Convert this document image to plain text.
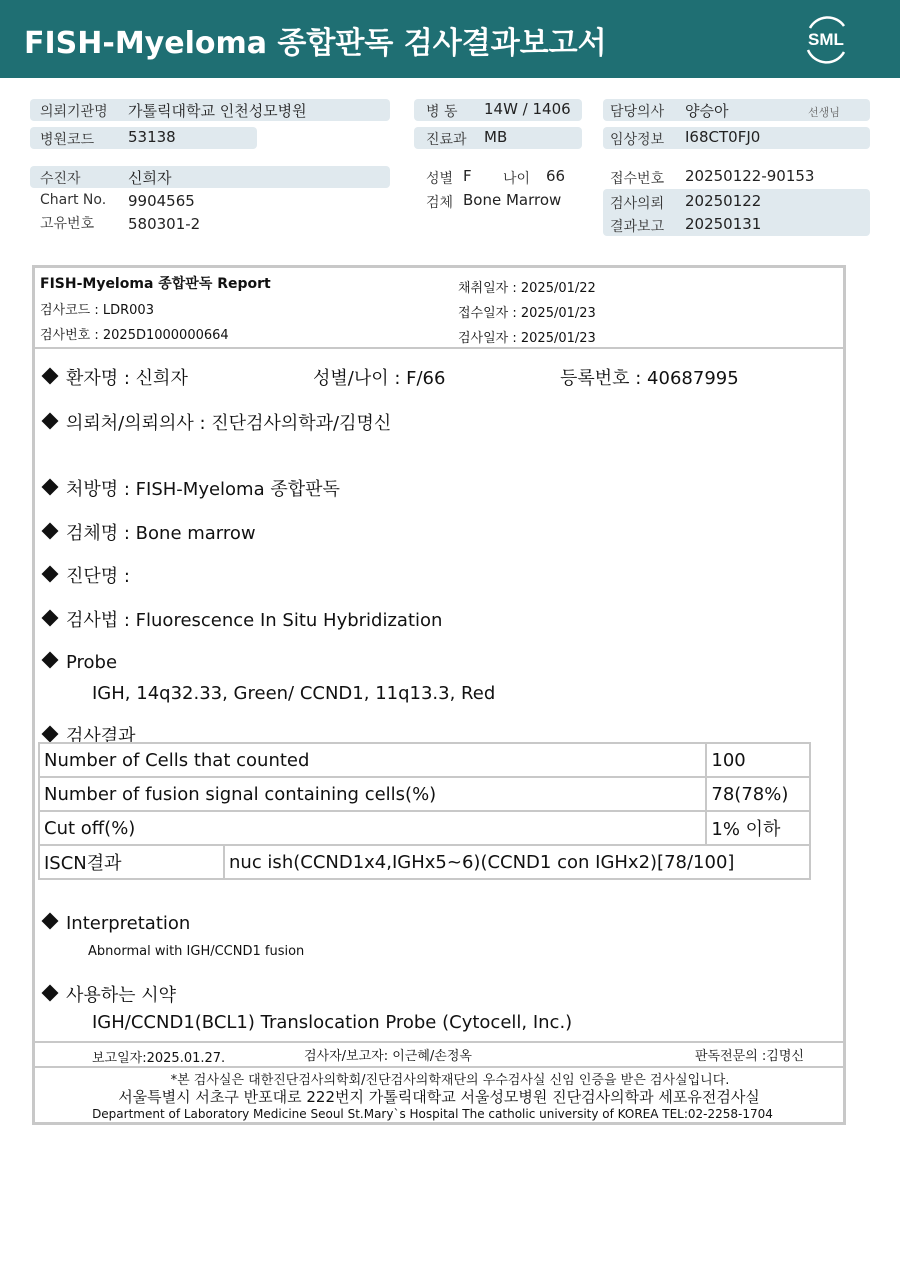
FISH-Myeloma 종합판독 검사결과보고서	SML
의뢰기관명 가톨릭대학교 인천성모병원
병원코드 53138
수진자	신희자
Chart No. 9904565
고유번호 580301-2
병 동 14W / 1406
진료과 MB
성별 F 나이 66
검체 Bone Marrow
담당의사 양승아	선생님
임상정보 I68CT0FJ0
접수번호 20250122-90153
검사의뢰 20250122
결과보고 20250131
FISH-Myeloma 종합판독 Report
검사코드 : LDR003
검사번호 : 2025D1000000664
채취일자 : 2025/01/22
접수일자 : 2025/01/23
검사일자 : 2025/01/23
환자명 : 신희자	성별/나이 : F/66	등록번호 : 40687995
의뢰처/의뢰의사 : 진단검사의학과/김명신
처방명 : FISH-Myeloma 종합판독
검체명 : Bone marrow
진단명 :
검사법 : Fluorescence In Situ Hybridization
Probe
IGH, 14q32.33, Green/ CCND1, 11q13.3, Red
검사결과
Number of Cells that counted		100
Number of fusion signal containing cells(%)		78(78%)
Cut off(%)		1% 이하
ISCN결과	nuc ish(CCND1x4,IGHx5~6)(CCND1 con IGHx2)[78/100]	
Interpretation
Abnormal with IGH/CCND1 fusion
사용하는 시약
IGH/CCND1(BCL1) Translocation Probe (Cytocell, Inc.)
보고일자:2025.01.27.	검사자/보고자: 이근혜/손정옥	판독전문의 :김명신
*본 검사실은 대한진단검사의학회/진단검사의학재단의 우수검사실 신임 인증을 받은 검사실입니다.
서울특별시 서초구 반포대로 222번지 가톨릭대학교 서울성모병원 진단검사의학과 세포유전검사실
Department of Laboratory Medicine Seoul St.Mary`s Hospital The catholic university of KOREA TEL:02-2258-1704
